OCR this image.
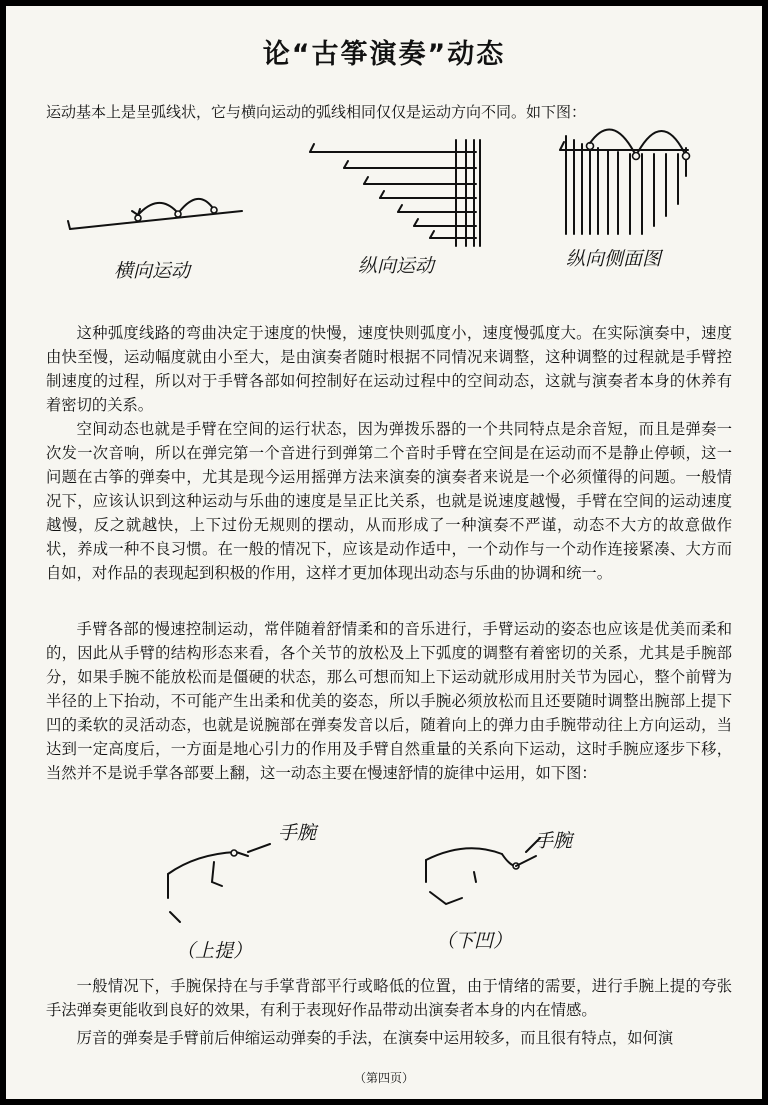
论“古筝演奏”动态
运动基本上是呈弧线状，它与横向运动的弧线相同仅仅是运动方向不同。如下图：
横向运动	纵向运动	纵向侧面图

这种弧度线路的弯曲决定于速度的快慢，速度快则弧度小，速度慢弧度大。在实际演奏中，速度由快至慢，运动幅度就由小至大，是由演奏者随时根据不同情况来调整，这种调整的过程就是手臂控制速度的过程，所以对于手臂各部如何控制好在运动过程中的空间动态，这就与演奏者本身的休养有着密切的关系。

空间动态也就是手臂在空间的运行状态，因为弹拨乐器的一个共同特点是余音短，而且是弹奏一次发一次音响，所以在弹完第一个音进行到弹第二个音时手臂在空间是在运动而不是静止停顿，这一问题在古筝的弹奏中，尤其是现今运用摇弹方法来演奏的演奏者来说是一个必须懂得的问题。一般情况下，应该认识到这种运动与乐曲的速度是呈正比关系，也就是说速度越慢，手臂在空间的运动速度越慢，反之就越快，上下过份无规则的摆动，从而形成了一种演奏不严谨，动态不大方的故意做作状，养成一种不良习惯。在一般的情况下，应该是动作适中，一个动作与一个动作连接紧凑、大方而自如，对作品的表现起到积极的作用，这样才更加体现出动态与乐曲的协调和统一。

手臂各部的慢速控制运动，常伴随着舒情柔和的音乐进行，手臂运动的姿态也应该是优美而柔和的，因此从手臂的结构形态来看，各个关节的放松及上下弧度的调整有着密切的关系，尤其是手腕部分，如果手腕不能放松而是僵硬的状态，那么可想而知上下运动就形成用肘关节为园心，整个前臂为半径的上下抬动，不可能产生出柔和优美的姿态，所以手腕必须放松而且还要随时调整出腕部上提下凹的柔软的灵活动态，也就是说腕部在弹奏发音以后，随着向上的弹力由手腕带动往上方向运动，当达到一定高度后，一方面是地心引力的作用及手臂自然重量的关系向下运动，这时手腕应逐步下移，当然并不是说手掌各部要上翻，这一动态主要在慢速舒情的旋律中运用，如下图：

手腕
（上提）
手腕
（下凹）

一般情况下，手腕保持在与手掌背部平行或略低的位置，由于情绪的需要，进行手腕上提的夸张手法弹奏更能收到良好的效果，有利于表现好作品带动出演奏者本身的内在情感。

厉音的弹奏是手臂前后伸缩运动弹奏的手法，在演奏中运用较多，而且很有特点，如何演

（第四页）
